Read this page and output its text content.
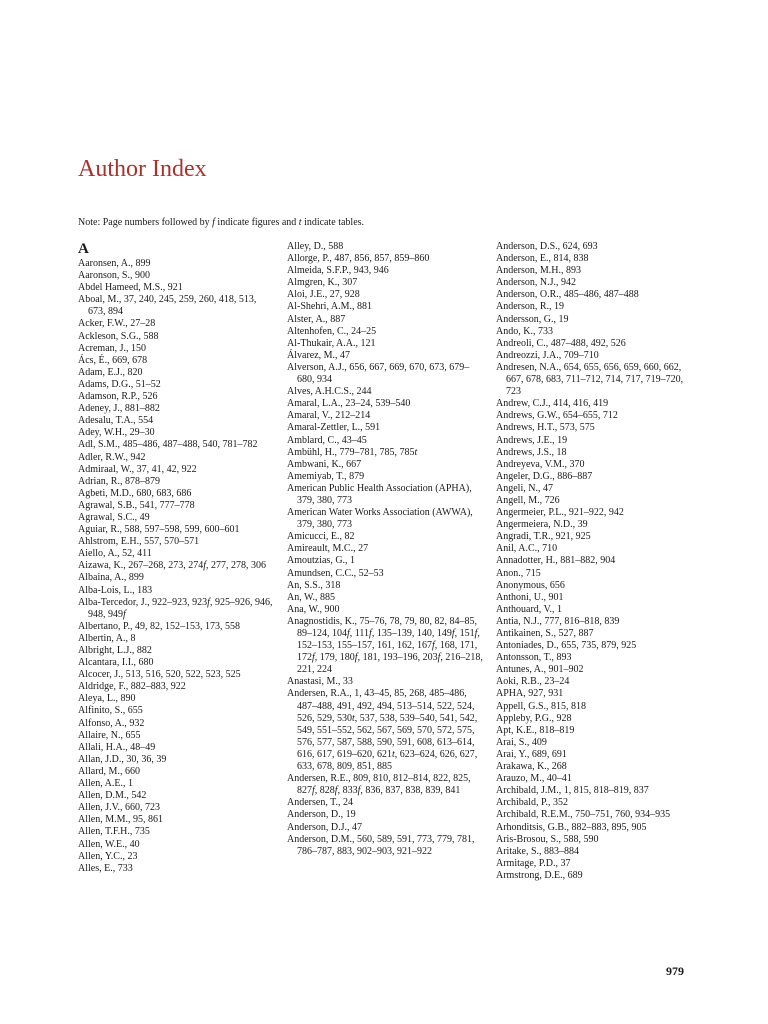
Author Index
Note: Page numbers followed by f indicate figures and t indicate tables.
A
Aaronsen, A., 899
Aaronson, S., 900
Abdel Hameed, M.S., 921
Aboal, M., 37, 240, 245, 259, 260, 418, 513, 673, 894
Acker, F.W., 27–28
Ackleson, S.G., 588
Acreman, J., 150
Ács, É., 669, 678
Adam, E.J., 820
Adams, D.G., 51–52
Adamson, R.P., 526
Adeney, J., 881–882
Adesalu, T.A., 554
Adey, W.H., 29–30
Adl, S.M., 485–486, 487–488, 540, 781–782
Adler, R.W., 942
Admiraal, W., 37, 41, 42, 922
Adrian, R., 878–879
Agbeti, M.D., 680, 683, 686
Agrawal, S.B., 541, 777–778
Agrawal, S.C., 49
Aguiar, R., 588, 597–598, 599, 600–601
Ahlstrom, E.H., 557, 570–571
Aiello, A., 52, 411
Aizawa, K., 267–268, 273, 274f, 277, 278, 306
Albaina, A., 899
Alba-Lois, L., 183
Alba-Tercedor, J., 922–923, 923f, 925–926, 946, 948, 949f
Albertano, P., 49, 82, 152–153, 173, 558
Albertin, A., 8
Albright, L.J., 882
Alcantara, I.I., 680
Alcocer, J., 513, 516, 520, 522, 523, 525
Aldridge, F., 882–883, 922
Aleya, L., 890
Alfinito, S., 655
Alfonso, A., 932
Allaire, N., 655
Allali, H.A., 48–49
Allan, J.D., 30, 36, 39
Allard, M., 660
Allen, A.E., 1
Allen, D.M., 542
Allen, J.V., 660, 723
Allen, M.M., 95, 861
Allen, T.F.H., 735
Allen, W.E., 40
Allen, Y.C., 23
Alles, E., 733
Alley, D., 588
Allorge, P., 487, 856, 857, 859–860
Almeida, S.F.P., 943, 946
Almgren, K., 307
Aloi, J.E., 27, 928
Al-Shehri, A.M., 881
Alster, A., 887
Altenhofen, C., 24–25
Al-Thukair, A.A., 121
Álvarez, M., 47
Alverson, A.J., 656, 667, 669, 670, 673, 679–680, 934
Alves, A.H.C.S., 244
Amaral, L.A., 23–24, 539–540
Amaral, V., 212–214
Amaral-Zettler, L., 591
Amblard, C., 43–45
Ambühl, H., 779–781, 785, 785t
Ambwani, K., 667
Amemiyab, T., 879
American Public Health Association (APHA), 379, 380, 773
American Water Works Association (AWWA), 379, 380, 773
Amicucci, E., 82
Amireault, M.C., 27
Amoutzias, G., 1
Amundsen, C.C., 52–53
An, S.S., 318
An, W., 885
Ana, W., 900
Anagnostidis, K., 75–76, 78, 79, 80, 82, 84–85, 89–124, 104f, 111f, 135–139, 140, 149f, 151f, 152–153, 155–157, 161, 162, 167f, 168, 171, 172f, 179, 180f, 181, 193–196, 203f, 216–218, 221, 224
Anastasi, M., 33
Andersen, R.A., 1, 43–45, 85, 268, 485–486, 487–488, 491, 492, 494, 513–514, 522, 524, 526, 529, 530t, 537, 538, 539–540, 541, 542, 549, 551–552, 562, 567, 569, 570, 572, 575, 576, 577, 587, 588, 590, 591, 608, 613–614, 616, 617, 619–620, 621t, 623–624, 626, 627, 633, 678, 809, 851, 885
Andersen, R.E., 809, 810, 812–814, 822, 825, 827f, 828f, 833f, 836, 837, 838, 839, 841
Andersen, T., 24
Anderson, D., 19
Anderson, D.J., 47
Anderson, D.M., 560, 589, 591, 773, 779, 781, 786–787, 883, 902–903, 921–922
Anderson, D.S., 624, 693
Anderson, E., 814, 838
Anderson, M.H., 893
Anderson, N.J., 942
Anderson, O.R., 485–486, 487–488
Anderson, R., 19
Andersson, G., 19
Ando, K., 733
Andreoli, C., 487–488, 492, 526
Andreozzi, J.A., 709–710
Andresen, N.A., 654, 655, 656, 659, 660, 662, 667, 678, 683, 711–712, 714, 717, 719–720, 723
Andrew, C.J., 414, 416, 419
Andrews, G.W., 654–655, 712
Andrews, H.T., 573, 575
Andrews, J.E., 19
Andrews, J.S., 18
Andreyeva, V.M., 370
Angeler, D.G., 886–887
Angeli, N., 47
Angell, M., 726
Angermeier, P.L., 921–922, 942
Angermeiera, N.D., 39
Angradi, T.R., 921, 925
Anil, A.C., 710
Annadotter, H., 881–882, 904
Anon., 715
Anonymous, 656
Anthoni, U., 901
Anthouard, V., 1
Antia, N.J., 777, 816–818, 839
Antikainen, S., 527, 887
Antoniades, D., 655, 735, 879, 925
Antonsson, T., 893
Antunes, A., 901–902
Aoki, R.B., 23–24
APHA, 927, 931
Appell, G.S., 815, 818
Appleby, P.G., 928
Apt, K.E., 818–819
Arai, S., 409
Arai, Y., 689, 691
Arakawa, K., 268
Arauzo, M., 40–41
Archibald, J.M., 1, 815, 818–819, 837
Archibald, P., 352
Archibald, R.E.M., 750–751, 760, 934–935
Arhonditsis, G.B., 882–883, 895, 905
Aris-Brosou, S., 588, 590
Aritake, S., 883–884
Armitage, P.D., 37
Armstrong, D.E., 689
979
